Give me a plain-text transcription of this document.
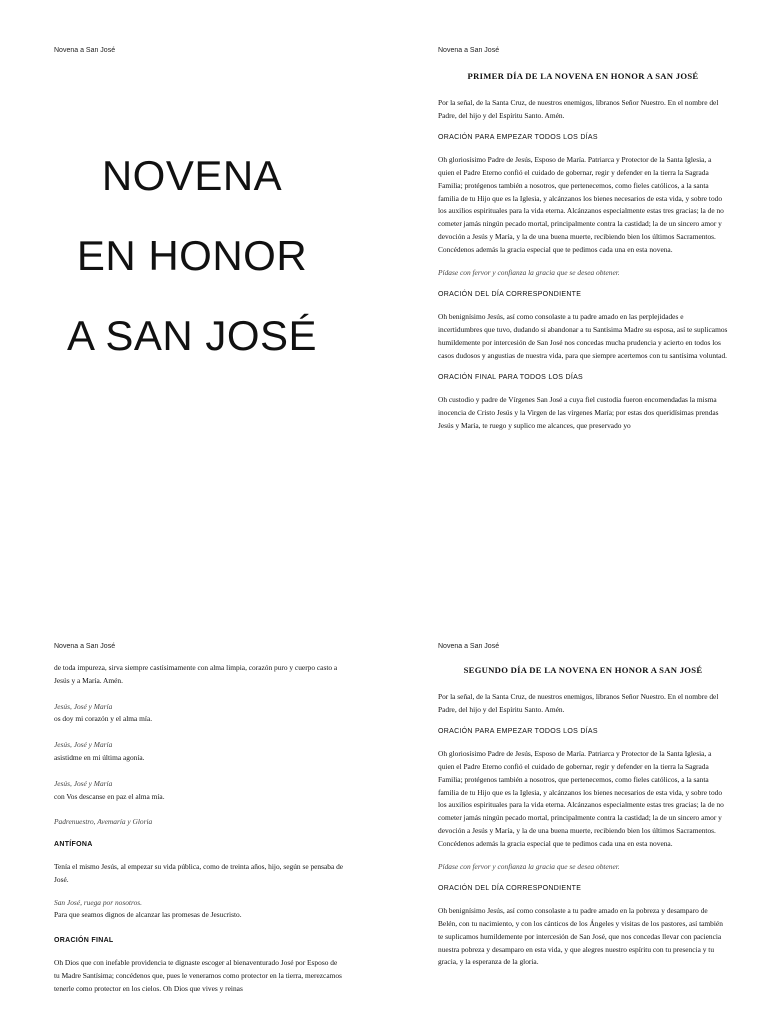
Novena a San José
NOVENA
EN HONOR
A SAN JOSÉ
Novena a San José
PRIMER DÍA DE LA NOVENA EN HONOR A SAN JOSÉ

Por la señal, de la Santa Cruz, de nuestros enemigos, líbranos Señor Nuestro. En el nombre del Padre, del hijo y del Espíritu Santo. Amén.

ORACIÓN PARA EMPEZAR TODOS LOS DÍAS

Oh gloriosísimo Padre de Jesús, Esposo de María. Patriarca y Protector de la Santa Iglesia, a quien el Padre Eterno confió el cuidado de gobernar, regir y defender en la tierra la Sagrada Familia; protégenos también a nosotros, que pertenecemos, como fieles católicos, a la santa familia de tu Hijo que es la Iglesia, y alcánzanos los bienes necesarios de esta vida, y sobre todo los auxilios espirituales para la vida eterna. Alcánzanos especialmente estas tres gracias; la de no cometer jamás ningún pecado mortal, principalmente contra la castidad; la de un sincero amor y devoción a Jesús y María, y la de una buena muerte, recibiendo bien los últimos Sacramentos. Concédenos además la gracia especial que te pedimos cada una en esta novena.

Pídase con fervor y confianza la gracia que se desea obtener.

ORACIÓN DEL DÍA CORRESPONDIENTE

Oh benignísimo Jesús, así como consolaste a tu padre amado en las perplejidades e incertidumbres que tuvo, dudando si abandonar a tu Santísima Madre su esposa, así te suplicamos humildemente por intercesión de San José nos concedas mucha prudencia y acierto en todos los casos dudosos y angustias de nuestra vida, para que siempre acertemos con tu santísima voluntad.

ORACIÓN FINAL PARA TODOS LOS DÍAS

Oh custodio y padre de Vírgenes San José a cuya fiel custodia fueron encomendadas la misma inocencia de Cristo Jesús y la Virgen de las vírgenes María; por estas dos queridísimas prendas Jesús y María, te ruego y suplico me alcances, que preservado yo

Novena a San José

de toda impureza, sirva siempre castísimamente con alma limpia, corazón puro y cuerpo casto a Jesús y a María. Amén.

Jesús, José y María

os doy mi corazón y el alma mía.

Jesús, José y María

asistidme en mi última agonía.

Jesús, José y María

con Vos descanse en paz el alma mía.

Padrenuestro, Avemaría y Gloria

ANTÍFONA

Tenía el mismo Jesús, al empezar su vida pública, como de treinta años, hijo, según se pensaba de José.

San José, ruega por nosotros.

Para que seamos dignos de alcanzar las promesas de Jesucristo.

ORACIÓN FINAL

Oh Dios que con inefable providencia te dignaste escoger al bienaventurado José por Esposo de tu Madre Santísima; concédenos que, pues le veneramos como protector en la tierra, merezcamos tenerle como protector en los cielos. Oh Dios que vives y reinas

Novena a San José
SEGUNDO DÍA DE LA NOVENA EN HONOR A SAN JOSÉ

Por la señal, de la Santa Cruz, de nuestros enemigos, líbranos Señor Nuestro. En el nombre del Padre, del hijo y del Espíritu Santo. Amén.

ORACIÓN PARA EMPEZAR TODOS LOS DÍAS

Oh gloriosísimo Padre de Jesús, Esposo de María. Patriarca y Protector de la Santa Iglesia, a quien el Padre Eterno confió el cuidado de gobernar, regir y defender en la tierra la Sagrada Familia; protégenos también a nosotros, que pertenecemos, como fieles católicos, a la santa familia de tu Hijo que es la Iglesia, y alcánzanos los bienes necesarios de esta vida, y sobre todo los auxilios espirituales para la vida eterna. Alcánzanos especialmente estas tres gracias; la de no cometer jamás ningún pecado mortal, principalmente contra la castidad; la de un sincero amor y devoción a Jesús y María, y la de una buena muerte, recibiendo bien los últimos Sacramentos. Concédenos además la gracia especial que te pedimos cada una en esta novena.

Pídase con fervor y confianza la gracia que se desea obtener.

ORACIÓN DEL DÍA CORRESPONDIENTE

Oh benignísimo Jesús, así como consolaste a tu padre amado en la pobreza y desamparo de Belén, con tu nacimiento, y con los cánticos de los Ángeles y visitas de los pastores, así también te suplicamos humildemente por intercesión de San José, que nos concedas llevar con paciencia nuestra pobreza y desamparo en esta vida, y que alegres nuestro espíritu con tu presencia y tu gracia, y la esperanza de la gloria.
